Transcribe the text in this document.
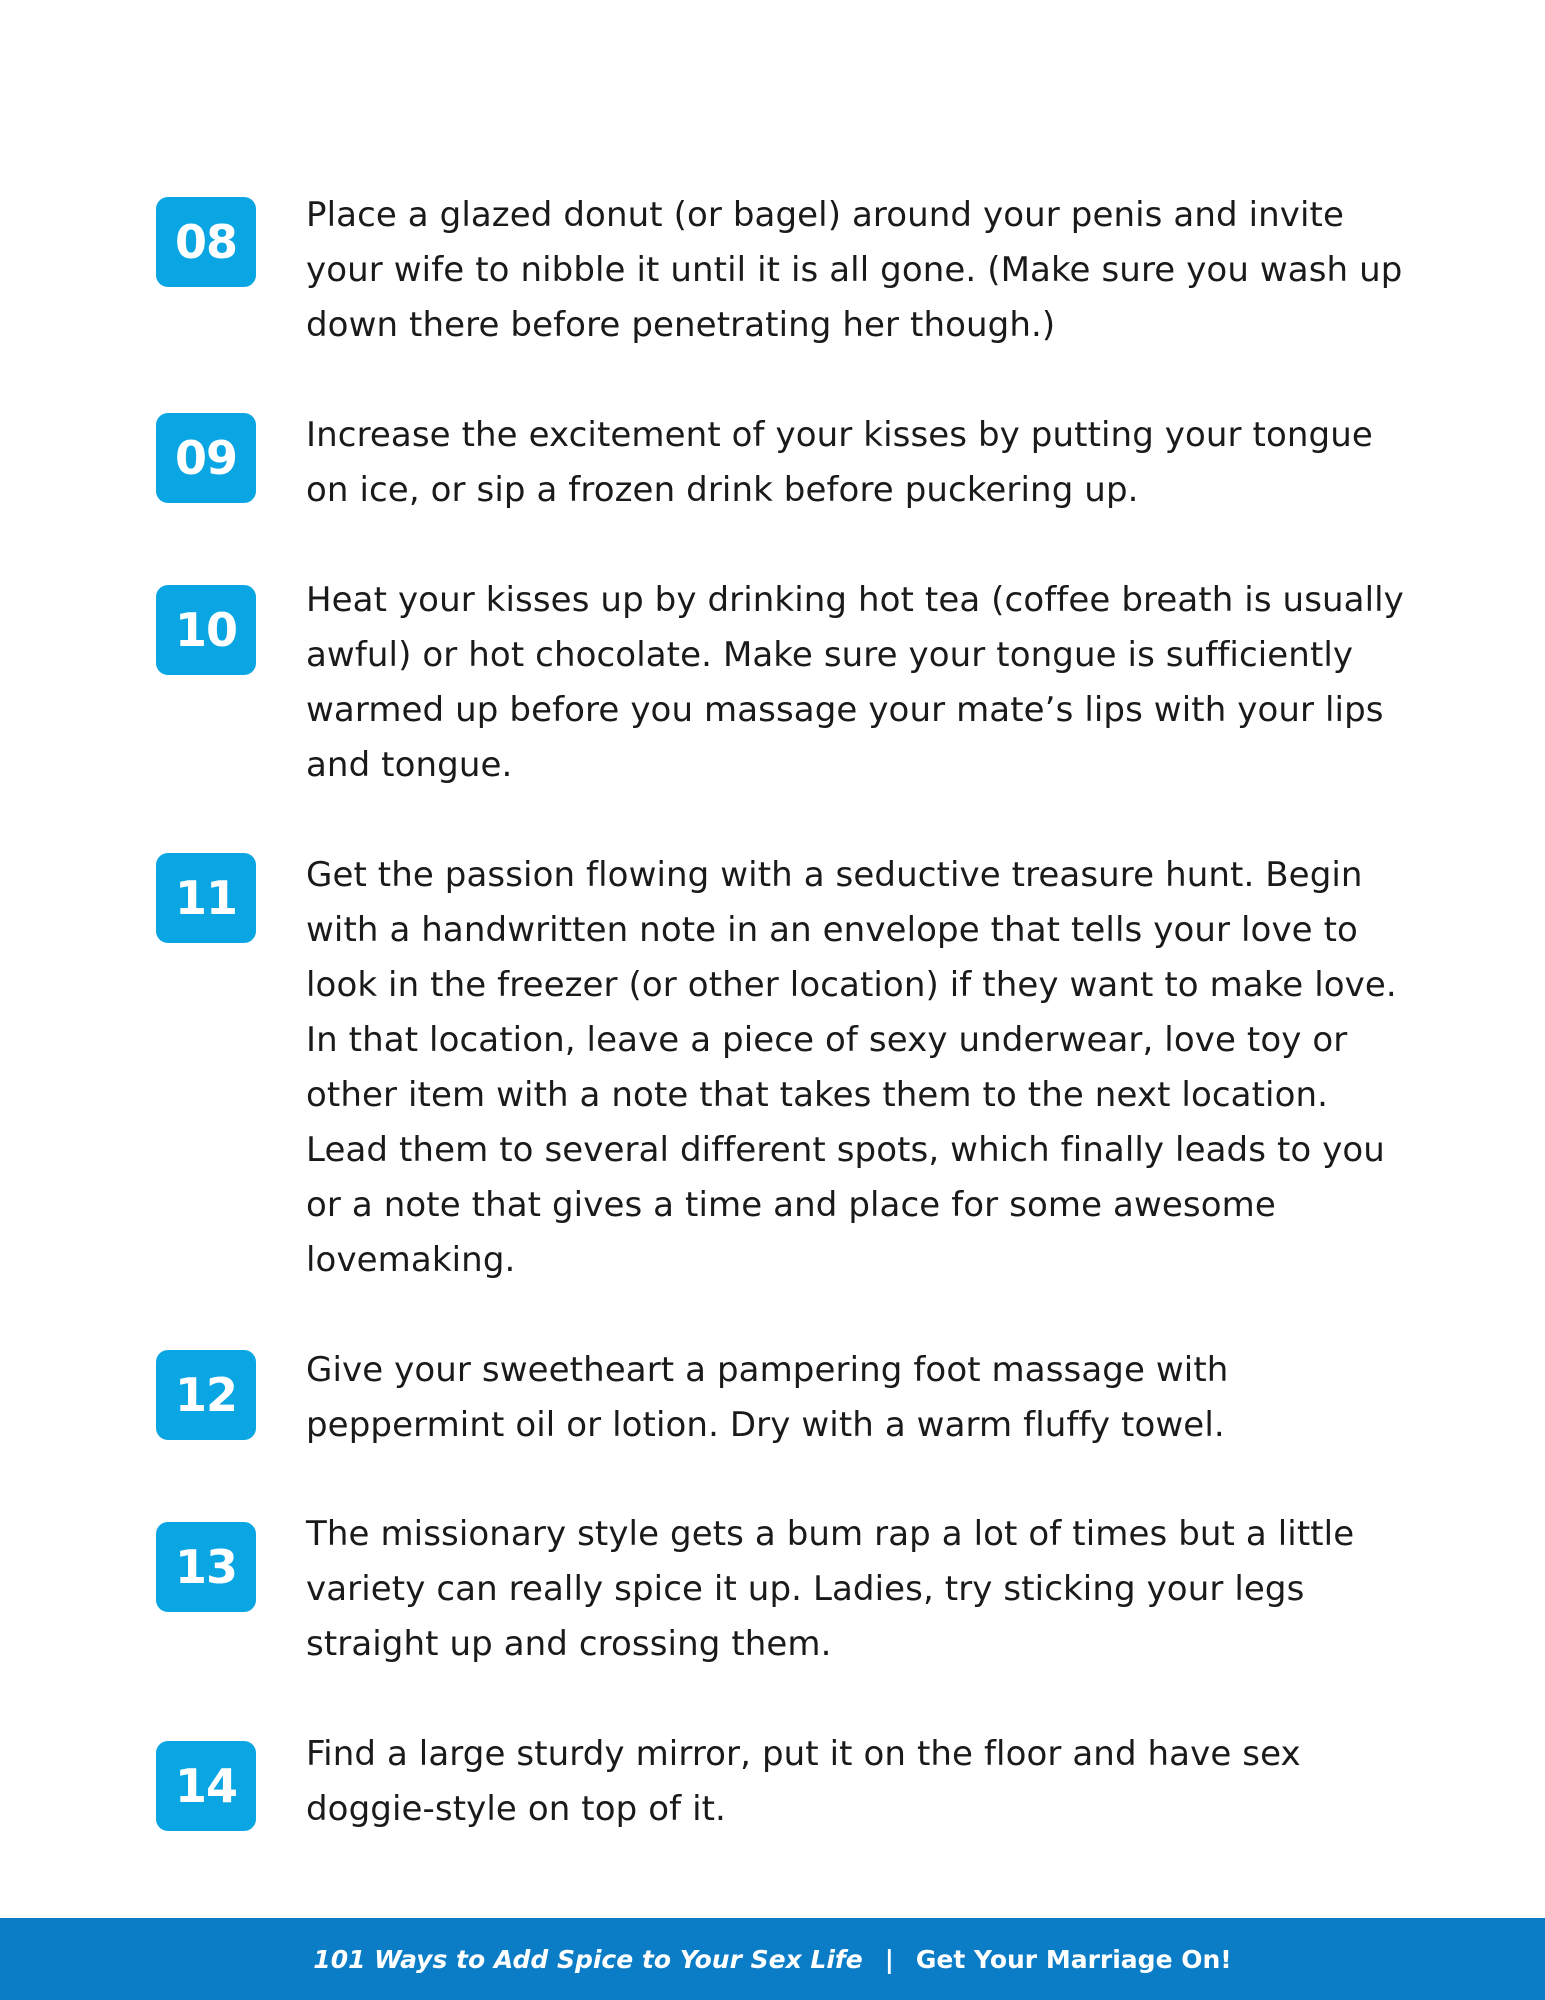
08	Place a glazed donut (or bagel) around your penis and invite
your wife to nibble it until it is all gone. (Make sure you wash up
down there before penetrating her though.)

09	Increase the excitement of your kisses by putting your tongue
on ice, or sip a frozen drink before puckering up.

10

Heat your kisses up by drinking hot tea (coffee breath is usually
awful) or hot chocolate. Make sure your tongue is sufficiently
warmed up before you massage your mate’s lips with your lips
and tongue.

11	Get the passion flowing with a seductive treasure hunt. Begin
with a handwritten note in an envelope that tells your love to
look in the freezer (or other location) if they want to make love.
In that location, leave a piece of sexy underwear, love toy or
other item with a note that takes them to the next location.
Lead them to several different spots, which finally leads to you
or a note that gives a time and place for some awesome
lovemaking.

12	Give your sweetheart a pampering foot massage with
peppermint oil or lotion. Dry with a warm fluffy towel.

13

The missionary style gets a bum rap a lot of times but a little
variety can really spice it up. Ladies, try sticking your legs
straight up and crossing them.

14

Find a large sturdy mirror, put it on the floor and have sex
doggie-style on top of it.

101 Ways to Add Spice to Your Sex Life | Get Your Marriage On!
